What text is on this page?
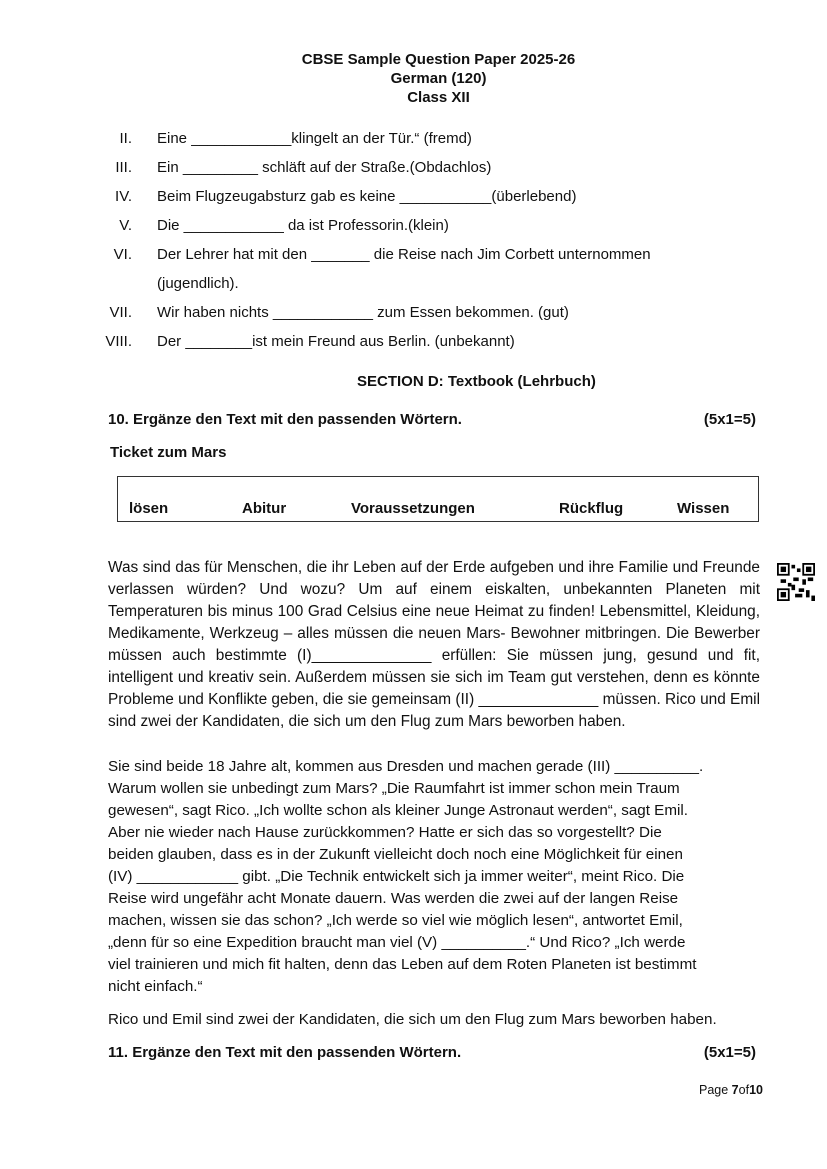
CBSE Sample Question Paper 2025-26
German (120)
Class XII
II.	Eine ____________klingelt an der Tür.“ (fremd)
III.	Ein _________ schläft auf der Straße.(Obdachlos)
IV.	Beim Flugzeugabsturz gab es keine ___________(überlebend)
V.	Die ____________ da ist Professorin.(klein)
VI.	Der Lehrer hat mit den _______ die Reise nach Jim Corbett unternommen
(jugendlich).
VII.	Wir haben nichts ____________ zum Essen bekommen. (gut)
VIII.	Der ________ist mein Freund aus Berlin. (unbekannt)
SECTION D: Textbook (Lehrbuch)
10. Ergänze den Text mit den passenden Wörtern.	(5x1=5)
Ticket zum Mars
lösen	Abitur	Voraussetzungen	Rückflug	Wissen
Was sind das für Menschen, die ihr Leben auf der Erde aufgeben und ihre Familie und Freunde verlassen würden? Und wozu? Um auf einem eiskalten, unbekannten Planeten mit Temperaturen bis minus 100 Grad Celsius eine neue Heimat zu finden! Lebensmittel, Kleidung, Medikamente, Werkzeug – alles müssen die neuen Mars- Bewohner mitbringen. Die Bewerber müssen auch bestimmte (I)______________ erfüllen: Sie müssen jung, gesund und fit, intelligent und kreativ sein. Außerdem müssen sie sich im Team gut verstehen, denn es könnte Probleme und Konflikte geben, die sie gemeinsam (II) ______________ müssen. Rico und Emil sind zwei der Kandidaten, die sich um den Flug zum Mars beworben haben.
Sie sind beide 18 Jahre alt, kommen aus Dresden und machen gerade (III) __________.
Warum wollen sie unbedingt zum Mars? „Die Raumfahrt ist immer schon mein Traum
gewesen“, sagt Rico. „Ich wollte schon als kleiner Junge Astronaut werden“, sagt Emil.
Aber nie wieder nach Hause zurückkommen? Hatte er sich das so vorgestellt? Die
beiden glauben, dass es in der Zukunft vielleicht doch noch eine Möglichkeit für einen
(IV) ____________ gibt. „Die Technik entwickelt sich ja immer weiter“, meint Rico. Die
Reise wird ungefähr acht Monate dauern. Was werden die zwei auf der langen Reise
machen, wissen sie das schon? „Ich werde so viel wie möglich lesen“, antwortet Emil,
„denn für so eine Expedition braucht man viel (V) __________.“ Und Rico? „Ich werde
viel trainieren und mich fit halten, denn das Leben auf dem Roten Planeten ist bestimmt
nicht einfach.“
Rico und Emil sind zwei der Kandidaten, die sich um den Flug zum Mars beworben haben.
11. Ergänze den Text mit den passenden Wörtern.	(5x1=5)
Page 7of10
